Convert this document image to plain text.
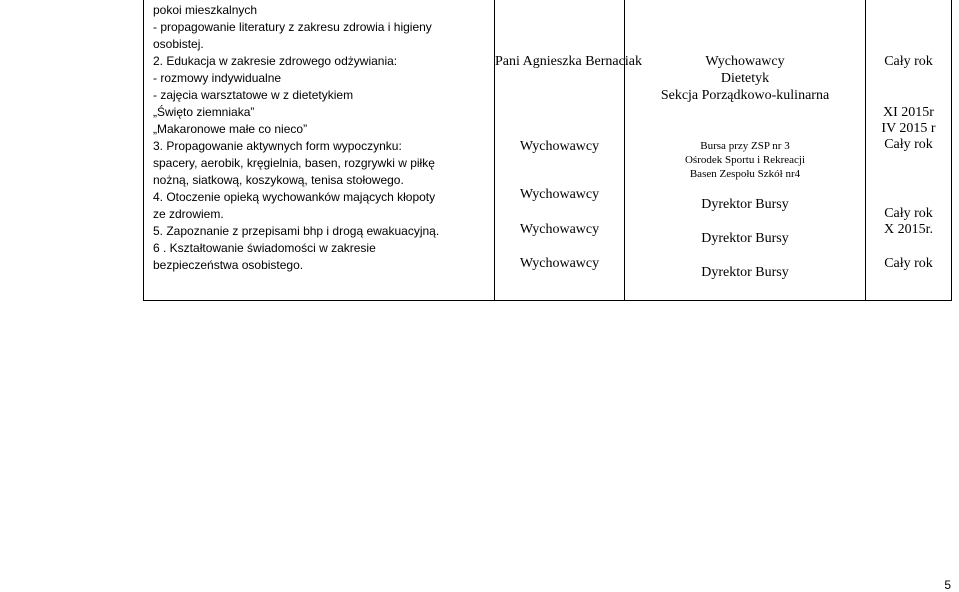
pokoi mieszkalnych
- propagowanie literatury z zakresu zdrowia i higieny
osobistej.
2. Edukacja w zakresie zdrowego odżywiania:
- rozmowy indywidualne
- zajęcia warsztatowe w z dietetykiem
„Święto ziemniaka”
„Makaronowe małe co nieco”
3. Propagowanie aktywnych form wypoczynku:
spacery, aerobik, kręgielnia, basen, rozgrywki w piłkę
nożną, siatkową, koszykową, tenisa stołowego.
4. Otoczenie opieką wychowanków mających kłopoty
ze zdrowiem.
5. Zapoznanie z przepisami bhp i drogą ewakuacyjną.
6 . Kształtowanie świadomości w zakresie
bezpieczeństwa osobistego.
Pani Agnieszka Bernaciak
Wychowawcy
Wychowawcy
Wychowawcy
Wychowawcy
Wychowawcy
Dietetyk
Sekcja Porządkowo-kulinarna
Bursa przy ZSP nr 3
Ośrodek Sportu i Rekreacji
Basen Zespołu Szkół nr4
Dyrektor Bursy
Dyrektor Bursy
Dyrektor Bursy
Cały rok
XI 2015r
IV 2015 r
Cały rok
Cały rok
X 2015r.
Cały rok
5
